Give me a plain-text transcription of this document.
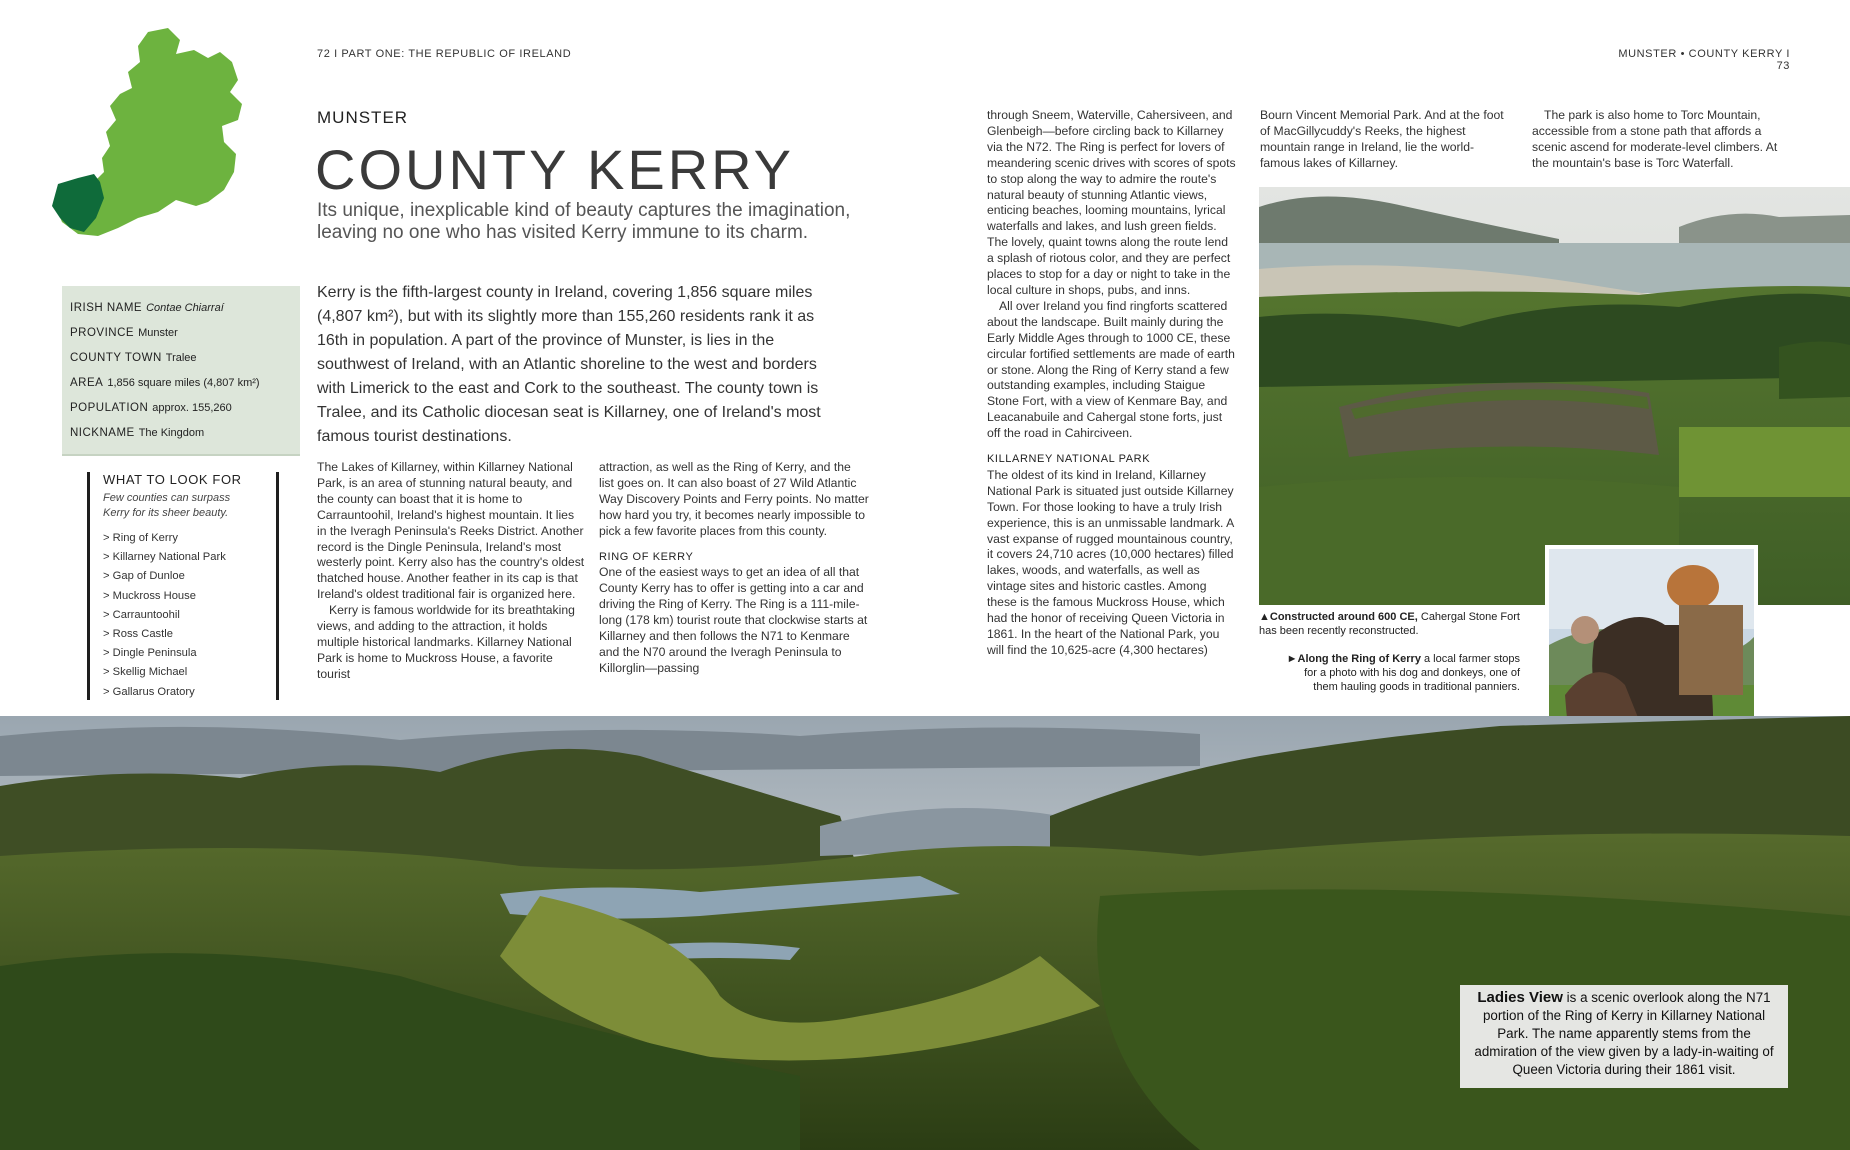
72 I PART ONE: THE REPUBLIC OF IRELAND	MUNSTER • COUNTY KERRY I 73
MUNSTER
COUNTY KERRY
Its unique, inexplicable kind of beauty captures the imagination, leaving no one who has visited Kerry immune to its charm.
IRISH NAME Contae Chiarraí
PROVINCE Munster
COUNTY TOWN Tralee
AREA 1,856 square miles (4,807 km²)
POPULATION approx. 155,260
NICKNAME The Kingdom
WHAT TO LOOK FOR
Few counties can surpass Kerry for its sheer beauty.
> Ring of Kerry
> Killarney National Park
> Gap of Dunloe
> Muckross House
> Carrauntoohil
> Ross Castle
> Dingle Peninsula
> Skellig Michael
> Gallarus Oratory
Kerry is the fifth-largest county in Ireland, covering 1,856 square miles (4,807 km²), but with its slightly more than 155,260 residents rank it as 16th in population. A part of the province of Munster, is lies in the southwest of Ireland, with an Atlantic shoreline to the west and borders with Limerick to the east and Cork to the southeast. The county town is Tralee, and its Catholic diocesan seat is Killarney, one of Ireland's most famous tourist destinations.

The Lakes of Killarney, within Killarney National Park, is an area of stunning natural beauty, and the county can boast that it is home to Carrauntoohil, Ireland's highest mountain. It lies in the Iveragh Peninsula's Reeks District. Another record is the Dingle Peninsula, Ireland's most westerly point. Kerry also has the country's oldest thatched house. Another feather in its cap is that Ireland's oldest traditional fair is organized here.

Kerry is famous worldwide for its breathtaking views, and adding to the attraction, it holds multiple historical landmarks. Killarney National Park is home to Muckross House, a favorite tourist

attraction, as well as the Ring of Kerry, and the list goes on. It can also boast of 27 Wild Atlantic Way Discovery Points and Ferry points. No matter how hard you try, it becomes nearly impossible to pick a few favorite places from this county.

RING OF KERRY

One of the easiest ways to get an idea of all that County Kerry has to offer is getting into a car and driving the Ring of Kerry. The Ring is a 111-mile-long (178 km) tourist route that clockwise starts at Killarney and then follows the N71 to Kenmare and the N70 around the Iveragh Peninsula to Killorglin—passing

through Sneem, Waterville, Cahersiveen, and Glenbeigh—before circling back to Killarney via the N72. The Ring is perfect for lovers of meandering scenic drives with scores of spots to stop along the way to admire the route's natural beauty of stunning Atlantic views, enticing beaches, looming mountains, lyrical waterfalls and lakes, and lush green fields. The lovely, quaint towns along the route lend a splash of riotous color, and they are perfect places to stop for a day or night to take in the local culture in shops, pubs, and inns.

All over Ireland you find ringforts scattered about the landscape. Built mainly during the Early Middle Ages through to 1000 CE, these circular fortified settlements are made of earth or stone. Along the Ring of Kerry stand a few outstanding examples, including Staigue Stone Fort, with a view of Kenmare Bay, and Leacanabuile and Cahergal stone forts, just off the road in Cahirciveen.

KILLARNEY NATIONAL PARK

The oldest of its kind in Ireland, Killarney National Park is situated just outside Killarney Town. For those looking to have a truly Irish experience, this is an unmissable landmark. A vast expanse of rugged mountainous country, it covers 24,710 acres (10,000 hectares) filled lakes, woods, and waterfalls, as well as vintage sites and historic castles. Among these is the famous Muckross House, which had the honor of receiving Queen Victoria in 1861. In the heart of the National Park, you will find the 10,625-acre (4,300 hectares)

Bourn Vincent Memorial Park. And at the foot of MacGillycuddy's Reeks, the highest mountain range in Ireland, lie the world-famous lakes of Killarney.

The park is also home to Torc Mountain, accessible from a stone path that affords a scenic ascend for moderate-level climbers. At the mountain's base is Torc Waterfall.

▲Constructed around 600 CE, Cahergal Stone Fort has been recently reconstructed.
►Along the Ring of Kerry a local farmer stops for a photo with his dog and donkeys, one of them hauling goods in traditional panniers.
Ladies View is a scenic overlook along the N71 portion of the Ring of Kerry in Killarney National Park. The name apparently stems from the admiration of the view given by a lady-in-waiting of Queen Victoria during their 1861 visit.
